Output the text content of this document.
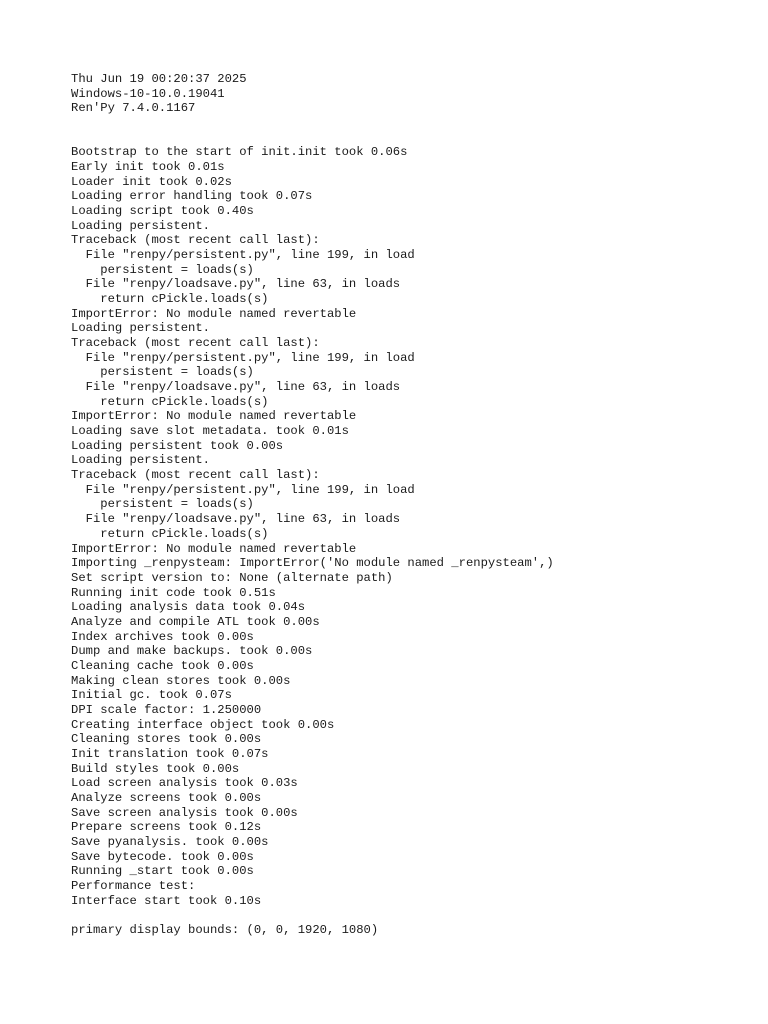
Thu Jun 19 00:20:37 2025
Windows-10-10.0.19041
Ren'Py 7.4.0.1167
Bootstrap to the start of init.init took 0.06s
Early init took 0.01s
Loader init took 0.02s
Loading error handling took 0.07s
Loading script took 0.40s
Loading persistent.
Traceback (most recent call last):
File "renpy/persistent.py", line 199, in load
persistent = loads(s)
File "renpy/loadsave.py", line 63, in loads
return cPickle.loads(s)
ImportError: No module named revertable
Loading persistent.
Traceback (most recent call last):
File "renpy/persistent.py", line 199, in load
persistent = loads(s)
File "renpy/loadsave.py", line 63, in loads
return cPickle.loads(s)
ImportError: No module named revertable
Loading save slot metadata. took 0.01s
Loading persistent took 0.00s
Loading persistent.
Traceback (most recent call last):
File "renpy/persistent.py", line 199, in load
persistent = loads(s)
File "renpy/loadsave.py", line 63, in loads
return cPickle.loads(s)
ImportError: No module named revertable
Importing _renpysteam: ImportError('No module named _renpysteam',)
Set script version to: None (alternate path)
Running init code took 0.51s
Loading analysis data took 0.04s
Analyze and compile ATL took 0.00s
Index archives took 0.00s
Dump and make backups. took 0.00s
Cleaning cache took 0.00s
Making clean stores took 0.00s
Initial gc. took 0.07s
DPI scale factor: 1.250000
Creating interface object took 0.00s
Cleaning stores took 0.00s
Init translation took 0.07s
Build styles took 0.00s
Load screen analysis took 0.03s
Analyze screens took 0.00s
Save screen analysis took 0.00s
Prepare screens took 0.12s
Save pyanalysis. took 0.00s
Save bytecode. took 0.00s
Running _start took 0.00s
Performance test:
Interface start took 0.10s
primary display bounds: (0, 0, 1920, 1080)
